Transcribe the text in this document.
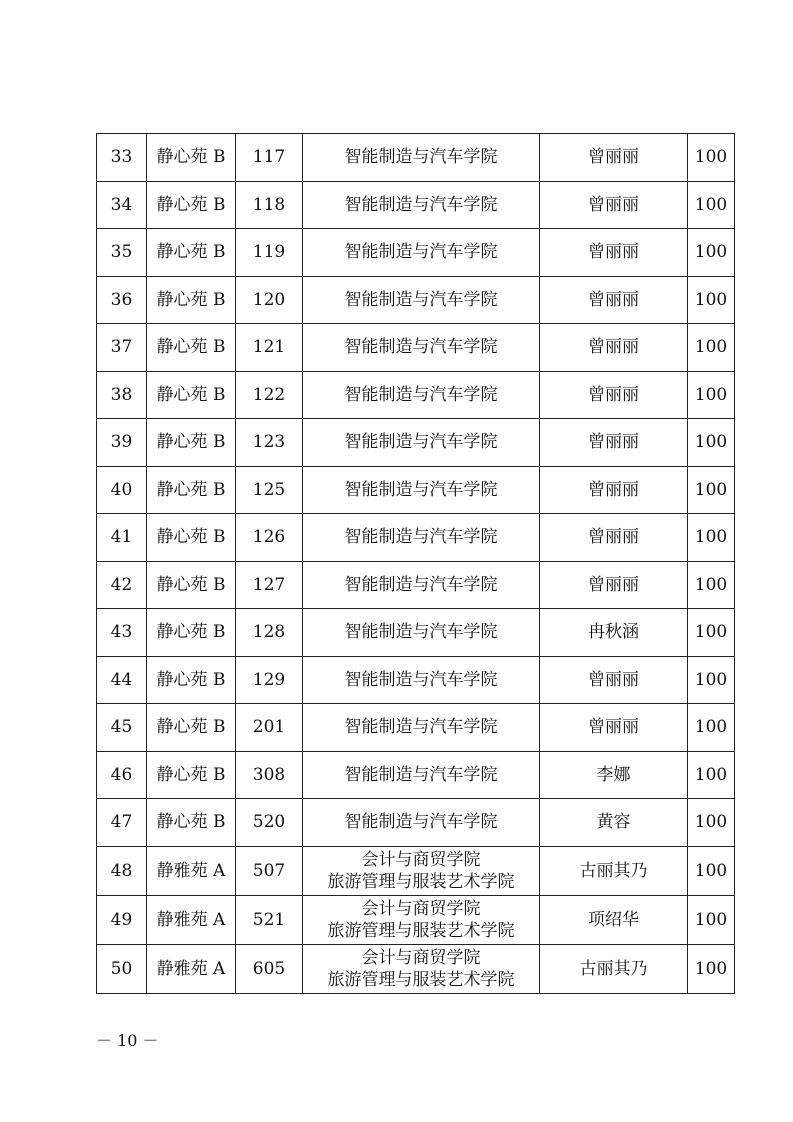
33	静心苑 B	117	智能制造与汽车学院	曾丽丽	100
34	静心苑 B	118	智能制造与汽车学院	曾丽丽	100
35	静心苑 B	119	智能制造与汽车学院	曾丽丽	100
36	静心苑 B	120	智能制造与汽车学院	曾丽丽	100
37	静心苑 B	121	智能制造与汽车学院	曾丽丽	100
38	静心苑 B	122	智能制造与汽车学院	曾丽丽	100
39	静心苑 B	123	智能制造与汽车学院	曾丽丽	100
40	静心苑 B	125	智能制造与汽车学院	曾丽丽	100
41	静心苑 B	126	智能制造与汽车学院	曾丽丽	100
42	静心苑 B	127	智能制造与汽车学院	曾丽丽	100
43	静心苑 B	128	智能制造与汽车学院	冉秋涵	100
44	静心苑 B	129	智能制造与汽车学院	曾丽丽	100
45	静心苑 B	201	智能制造与汽车学院	曾丽丽	100
46	静心苑 B	308	智能制造与汽车学院	李娜	100
47	静心苑 B	520	智能制造与汽车学院	黄容	100
48	静雅苑 A	507	会计与商贸学院
旅游管理与服装艺术学院	古丽其乃	100
49	静雅苑 A	521	会计与商贸学院
旅游管理与服装艺术学院	项绍华	100
50	静雅苑 A	605	会计与商贸学院
旅游管理与服装艺术学院	古丽其乃	100
－ 10 －
